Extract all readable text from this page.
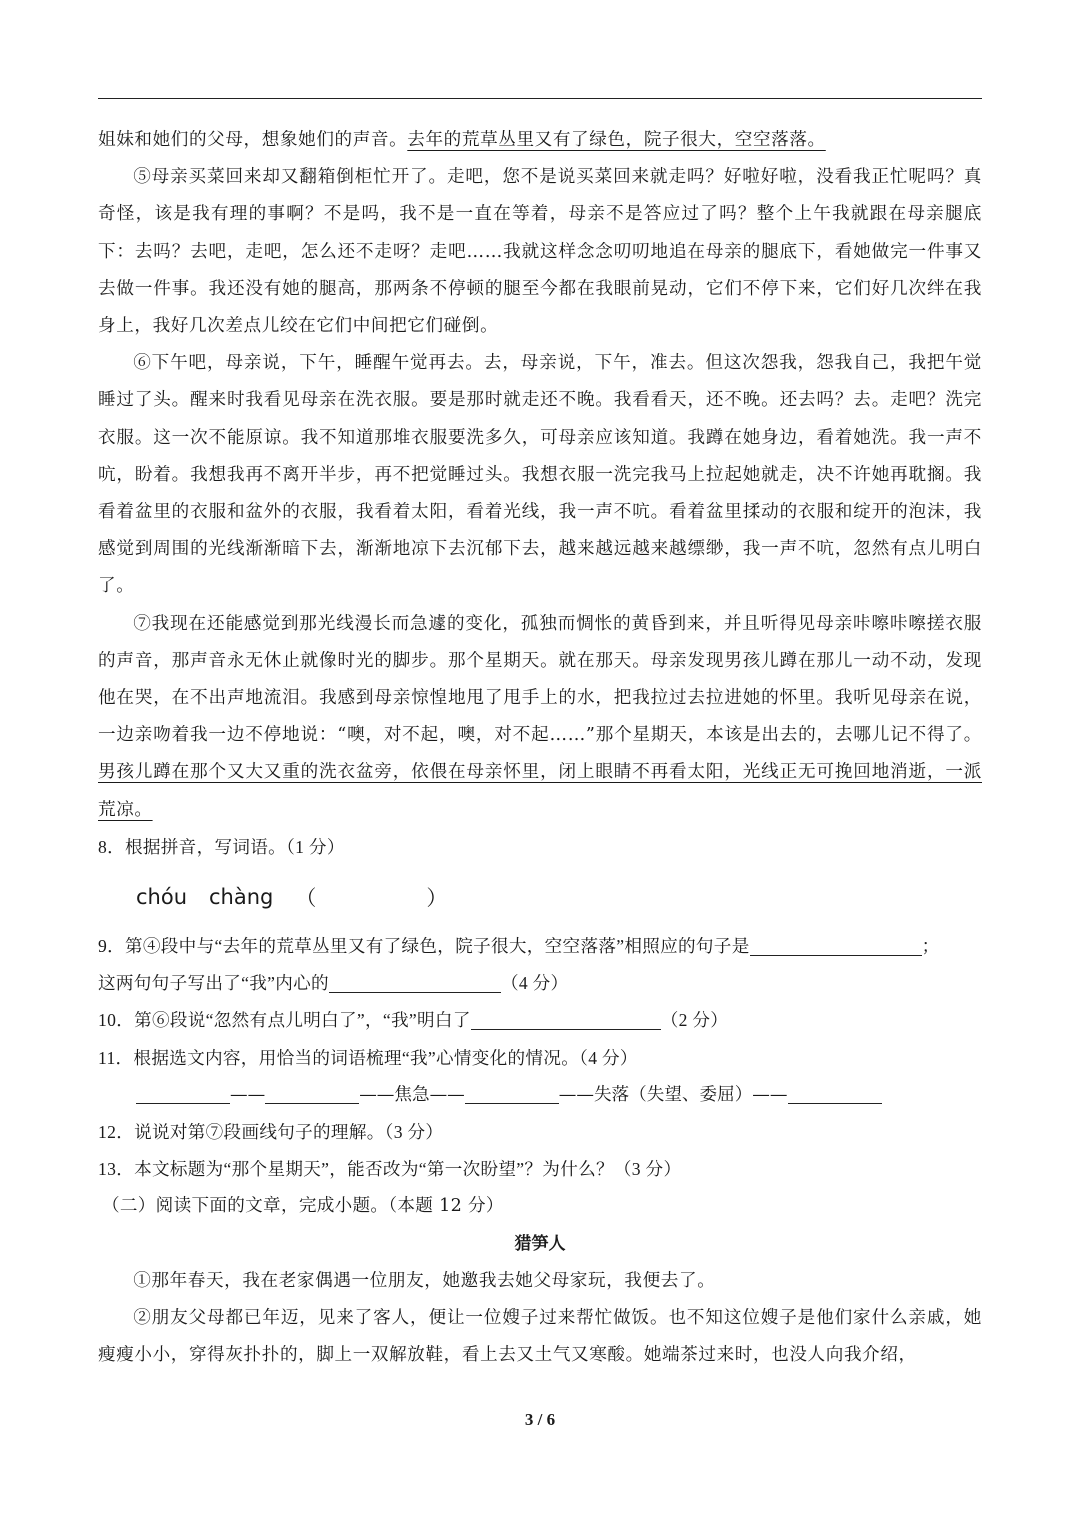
姐妹和她们的父母，想象她们的声音。去年的荒草丛里又有了绿色，院子很大，空空落落。

⑤母亲买菜回来却又翻箱倒柜忙开了。走吧，您不是说买菜回来就走吗？好啦好啦，没看我正忙呢吗？真奇怪，该是我有理的事啊？不是吗，我不是一直在等着，母亲不是答应过了吗？整个上午我就跟在母亲腿底下：去吗？去吧，走吧，怎么还不走呀？走吧……我就这样念念叨叨地追在母亲的腿底下，看她做完一件事又去做一件事。我还没有她的腿高，那两条不停顿的腿至今都在我眼前晃动，它们不停下来，它们好几次绊在我身上，我好几次差点儿绞在它们中间把它们碰倒。

⑥下午吧，母亲说，下午，睡醒午觉再去。去，母亲说，下午，准去。但这次怨我，怨我自己，我把午觉睡过了头。醒来时我看见母亲在洗衣服。要是那时就走还不晚。我看看天，还不晚。还去吗？去。走吧？洗完衣服。这一次不能原谅。我不知道那堆衣服要洗多久，可母亲应该知道。我蹲在她身边，看着她洗。我一声不吭，盼着。我想我再不离开半步，再不把觉睡过头。我想衣服一洗完我马上拉起她就走，决不许她再耽搁。我看着盆里的衣服和盆外的衣服，我看着太阳，看着光线，我一声不吭。看着盆里揉动的衣服和绽开的泡沫，我感觉到周围的光线渐渐暗下去，渐渐地凉下去沉郁下去，越来越远越来越缥缈，我一声不吭，忽然有点儿明白了。

⑦我现在还能感觉到那光线漫长而急遽的变化，孤独而惆怅的黄昏到来，并且听得见母亲咔嚓咔嚓搓衣服的声音，那声音永无休止就像时光的脚步。那个星期天。就在那天。母亲发现男孩儿蹲在那儿一动不动，发现他在哭，在不出声地流泪。我感到母亲惊惶地甩了甩手上的水，把我拉过去拉进她的怀里。我听见母亲在说，一边亲吻着我一边不停地说：“噢，对不起，噢，对不起……”那个星期天，本该是出去的，去哪儿记不得了。男孩儿蹲在那个又大又重的洗衣盆旁，依偎在母亲怀里，闭上眼睛不再看太阳，光线正无可挽回地消逝，一派荒凉。

8．根据拼音，写词语。（1 分）

chóu chàng （	）

9．第④段中与“去年的荒草丛里又有了绿色，院子很大，空空落落”相照应的句子是	；

这两句句子写出了“我”内心的	（4 分）

10．第⑥段说“忽然有点儿明白了”，“我”明白了	（2 分）

11．根据选文内容，用恰当的词语梳理“我”心情变化的情况。（4 分）

——	——焦急——	——失落（失望、委屈）——

12．说说对第⑦段画线句子的理解。（3 分）

13．本文标题为“那个星期天”，能否改为“第一次盼望”？为什么？（3 分）

（二）阅读下面的文章，完成小题。（本题 12 分）

猎笋人

①那年春天，我在老家偶遇一位朋友，她邀我去她父母家玩，我便去了。

②朋友父母都已年迈，见来了客人，便让一位嫂子过来帮忙做饭。也不知这位嫂子是他们家什么亲戚，她瘦瘦小小，穿得灰扑扑的，脚上一双解放鞋，看上去又土气又寒酸。她端茶过来时，也没人向我介绍，

3 / 6
